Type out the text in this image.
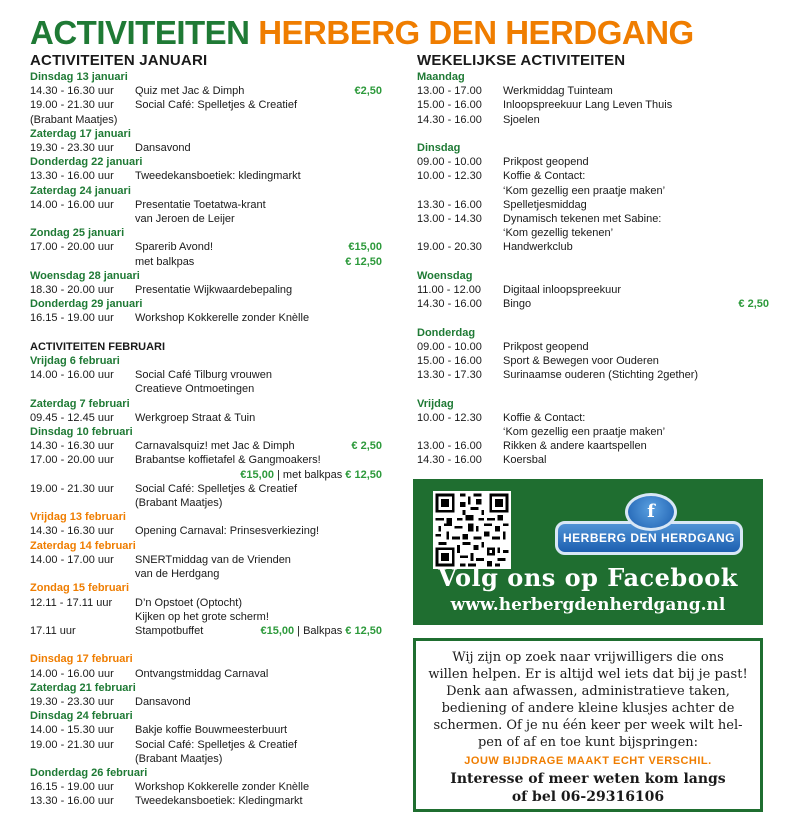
ACTIVITEITEN HERBERG DEN HERDGANG
ACTIVITEITEN JANUARI
Dinsdag 13 januari
14.30 - 16.30 uur	Quiz met Jac & Dimph	€2,50
19.00 - 21.30 uur	Social Café: Spelletjes & Creatief
(Brabant Maatjes)
Zaterdag 17 januari
19.30 - 23.30 uur	Dansavond
Donderdag 22 januari
13.30 - 16.00 uur	Tweedekansboetiek: kledingmarkt
Zaterdag 24 januari
14.00 - 16.00 uur	Presentatie Toetatwa-krant
van Jeroen de Leijer
Zondag 25 januari
17.00 - 20.00 uur	Sparerib Avond!	€15,00
met balkpas	€ 12,50
Woensdag 28 januari
18.30 - 20.00 uur	Presentatie Wijkwaardebepaling
Donderdag 29 januari
16.15 - 19.00 uur	Workshop Kokkerelle zonder Knèlle
ACTIVITEITEN FEBRUARI
Vrijdag 6 februari
14.00 - 16.00 uur	Social Café Tilburg vrouwen
Creatieve Ontmoetingen
Zaterdag 7 februari
09.45 - 12.45 uur	Werkgroep Straat & Tuin
Dinsdag 10 februari
14.30 - 16.30 uur	Carnavalsquiz! met Jac & Dimph	€ 2,50
17.00 - 20.00 uur	Brabantse koffietafel & Gangmoakers!
€15,00 | met balkpas € 12,50
19.00 - 21.30 uur	Social Café: Spelletjes & Creatief
(Brabant Maatjes)
Vrijdag 13 februari
14.30 - 16.30 uur	Opening Carnaval: Prinsesverkiezing!
Zaterdag 14 februari
14.00 - 17.00 uur	SNERTmiddag van de Vrienden
van de Herdgang
Zondag 15 februari
12.11 - 17.11 uur	D’n Opstoet (Optocht)
Kijken op het grote scherm!
17.11 uur	Stampotbuffet	€15,00 | Balkpas € 12,50
Dinsdag 17 februari
14.00 - 16.00 uur	Ontvangstmiddag Carnaval
Zaterdag 21 februari
19.30 - 23.30 uur	Dansavond
Dinsdag 24 februari
14.00 - 15.30 uur	Bakje koffie Bouwmeesterbuurt
19.00 - 21.30 uur	Social Café: Spelletjes & Creatief
(Brabant Maatjes)
Donderdag 26 februari
16.15 - 19.00 uur	Workshop Kokkerelle zonder Knèlle
13.30 - 16.00 uur	Tweedekansboetiek: Kledingmarkt
WEKELIJKSE ACTIVITEITEN
Maandag
13.00 - 17.00	Werkmiddag Tuinteam
15.00 - 16.00	Inloopspreekuur Lang Leven Thuis
14.30 - 16.00	Sjoelen
Dinsdag
09.00 - 10.00	Prikpost geopend
10.00 - 12.30	Koffie & Contact:
‘Kom gezellig een praatje maken’
13.30 - 16.00	Spelletjesmiddag
13.00 - 14.30	Dynamisch tekenen met Sabine:
‘Kom gezellig tekenen’
19.00 - 20.30	Handwerkclub
Woensdag
11.00 - 12.00	Digitaal inloopspreekuur
14.30 - 16.00	Bingo	€ 2,50
Donderdag
09.00 - 10.00	Prikpost geopend
15.00 - 16.00	Sport & Bewegen voor Ouderen
13.30 - 17.30	Surinaamse ouderen (Stichting 2gether)
Vrijdag
10.00 - 12.30	Koffie & Contact:
‘Kom gezellig een praatje maken’
13.00 - 16.00	Rikken & andere kaartspellen
14.30 - 16.00	Koersbal
HERBERG DEN HERDGANG
f
Volg ons op Facebook
www.herbergdenherdgang.nl
Wij zijn op zoek naar vrijwilligers die ons
willen helpen. Er is altijd wel iets dat bij je past!
Denk aan afwassen, administratieve taken,
bediening of andere kleine klusjes achter de
schermen. Of je nu één keer per week wilt hel-
pen of af en toe kunt bijspringen:
JOUW BIJDRAGE MAAKT ECHT VERSCHIL.
Interesse of meer weten kom langs
of bel 06-29316106
